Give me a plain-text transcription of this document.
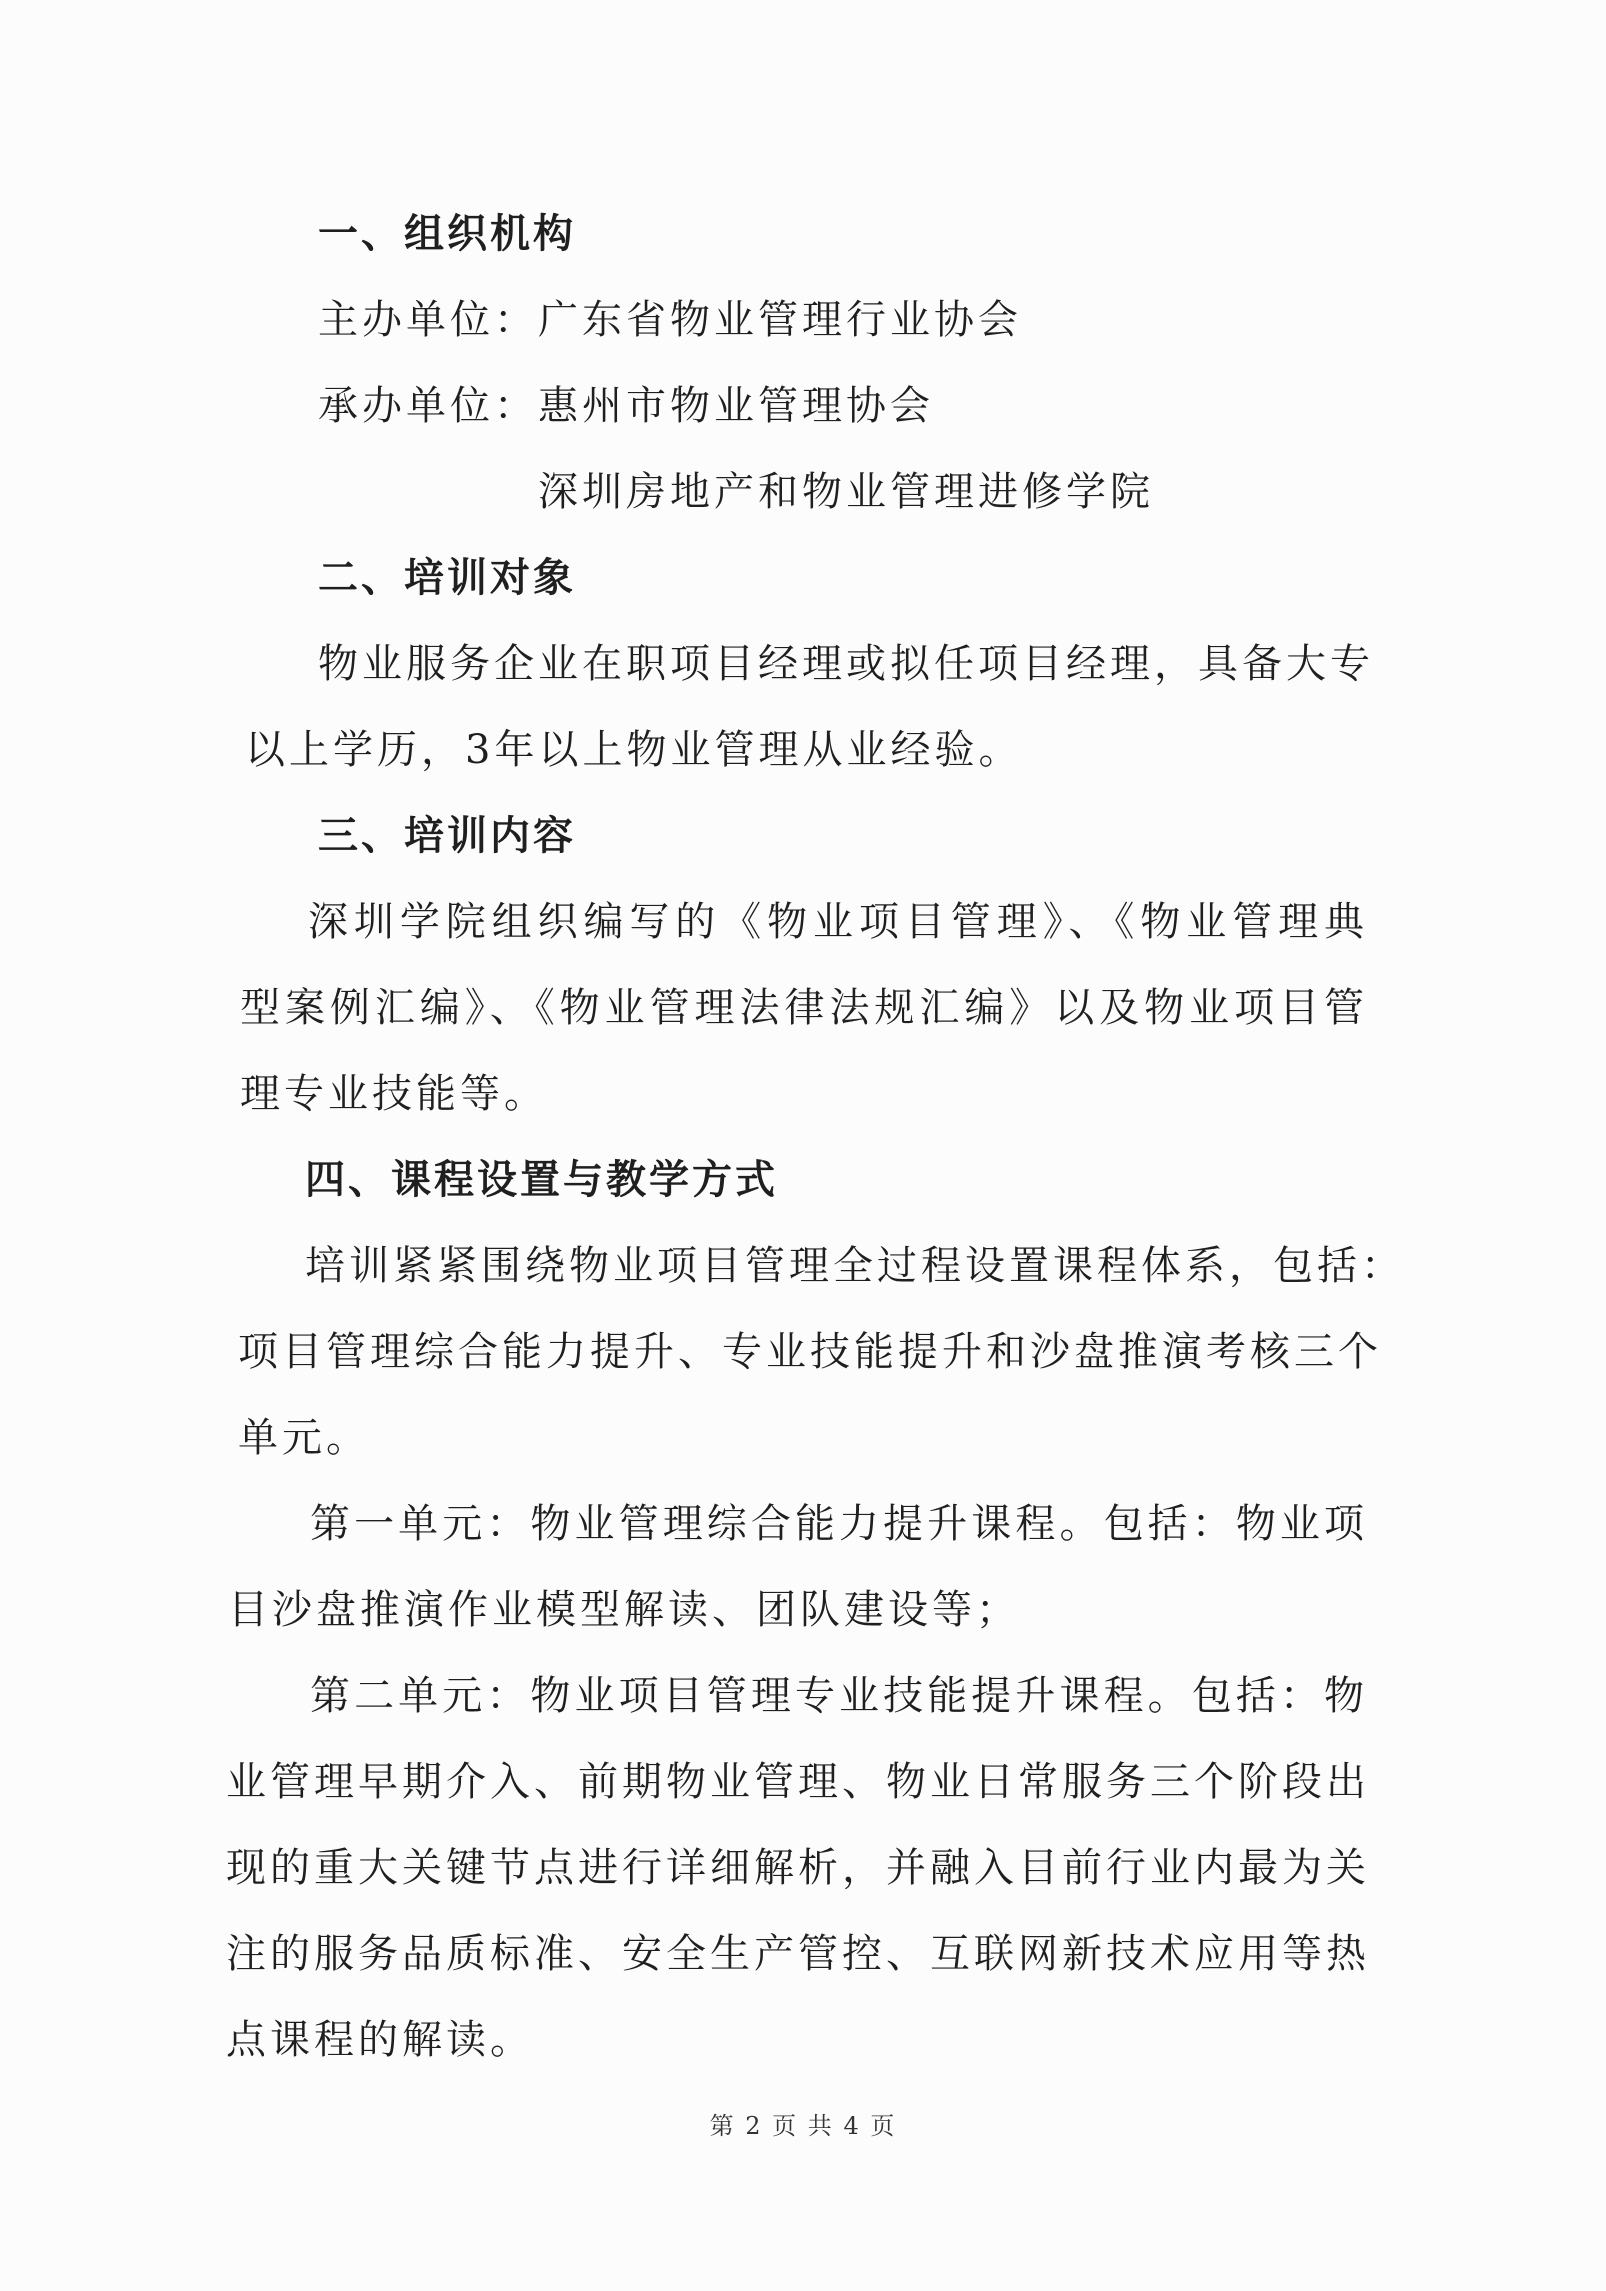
一、组织机构
主办单位：广东省物业管理行业协会
承办单位：惠州市物业管理协会
深圳房地产和物业管理进修学院
二、培训对象
物业服务企业在职项目经理或拟任项目经理，具备大专
以上学历，3年以上物业管理从业经验。
三、培训内容
深圳学院组织编写的《物业项目管理》、《物业管理典
型案例汇编》、《物业管理法律法规汇编》以及物业项目管
理专业技能等。
四、课程设置与教学方式
培训紧紧围绕物业项目管理全过程设置课程体系，包括：
项目管理综合能力提升、专业技能提升和沙盘推演考核三个
单元。
第一单元：物业管理综合能力提升课程。包括：物业项
目沙盘推演作业模型解读、团队建设等；
第二单元：物业项目管理专业技能提升课程。包括：物
业管理早期介入、前期物业管理、物业日常服务三个阶段出
现的重大关键节点进行详细解析，并融入目前行业内最为关
注的服务品质标准、安全生产管控、互联网新技术应用等热
点课程的解读。
第 2 页 共 4 页
